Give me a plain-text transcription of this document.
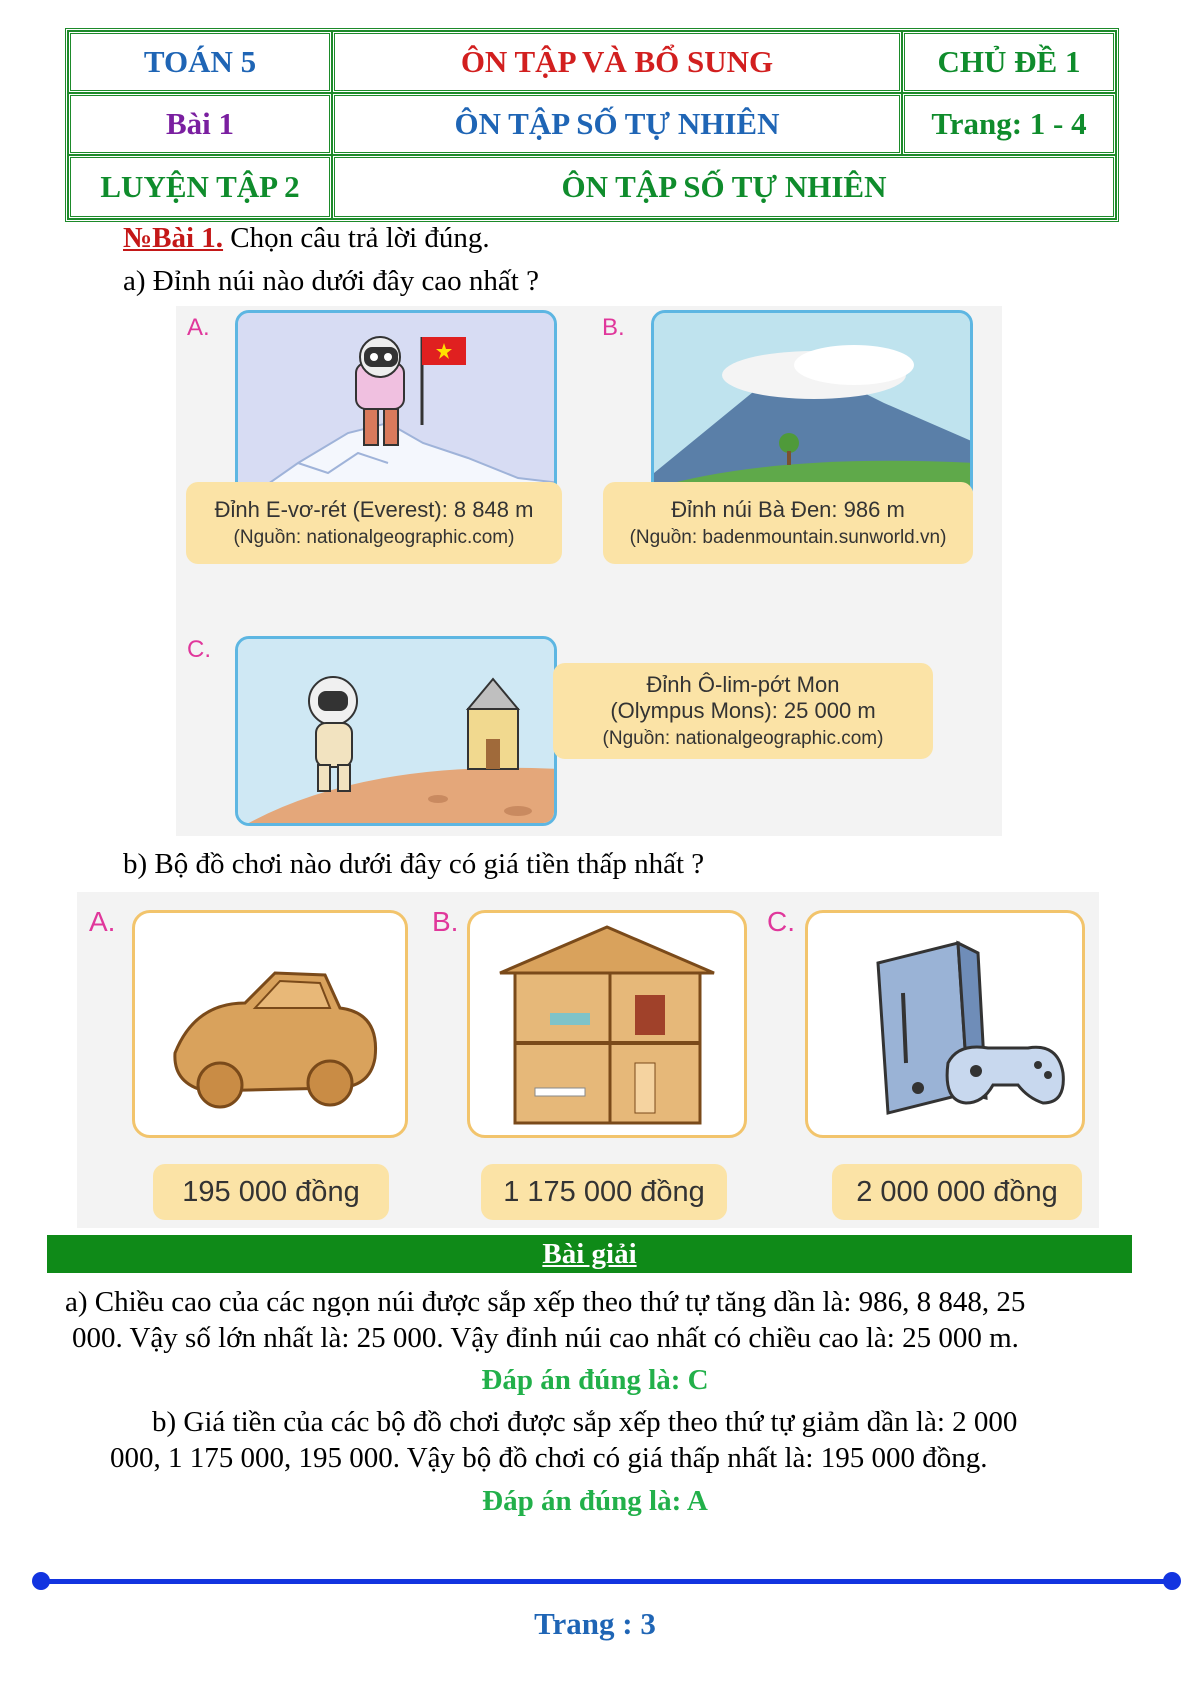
TOÁN 5	ÔN TẬP VÀ BỔ SUNG	CHỦ ĐỀ 1
Bài 1	ÔN TẬP SỐ TỰ NHIÊN	Trang: 1 - 4
LUYỆN TẬP 2	ÔN TẬP SỐ TỰ NHIÊN
№Bài 1. Chọn câu trả lời đúng.
a) Đỉnh núi nào dưới đây cao nhất ?
A.
Đỉnh E-vơ-rét (Everest): 8 848 m
(Nguồn: nationalgeographic.com)
B.
Đỉnh núi Bà Đen: 986 m
(Nguồn: badenmountain.sunworld.vn)
C.
Đỉnh Ô-lim-pớt Mon
(Olympus Mons): 25 000 m
(Nguồn: nationalgeographic.com)
b) Bộ đồ chơi nào dưới đây có giá tiền thấp nhất ?
A.
195 000 đồng
B.
1 175 000 đồng
C.
2 000 000 đồng
Bài giải
a) Chiều cao của các ngọn núi được sắp xếp theo thứ tự tăng dần là: 986, 8 848, 25
000. Vậy số lớn nhất là: 25 000. Vậy đỉnh núi cao nhất có chiều cao là: 25 000 m.
Đáp án đúng là: C
b) Giá tiền của các bộ đồ chơi được sắp xếp theo thứ tự giảm dần là: 2 000
000, 1 175 000, 195 000. Vậy bộ đồ chơi có giá thấp nhất là: 195 000 đồng.
Đáp án đúng là: A
Trang : 3
